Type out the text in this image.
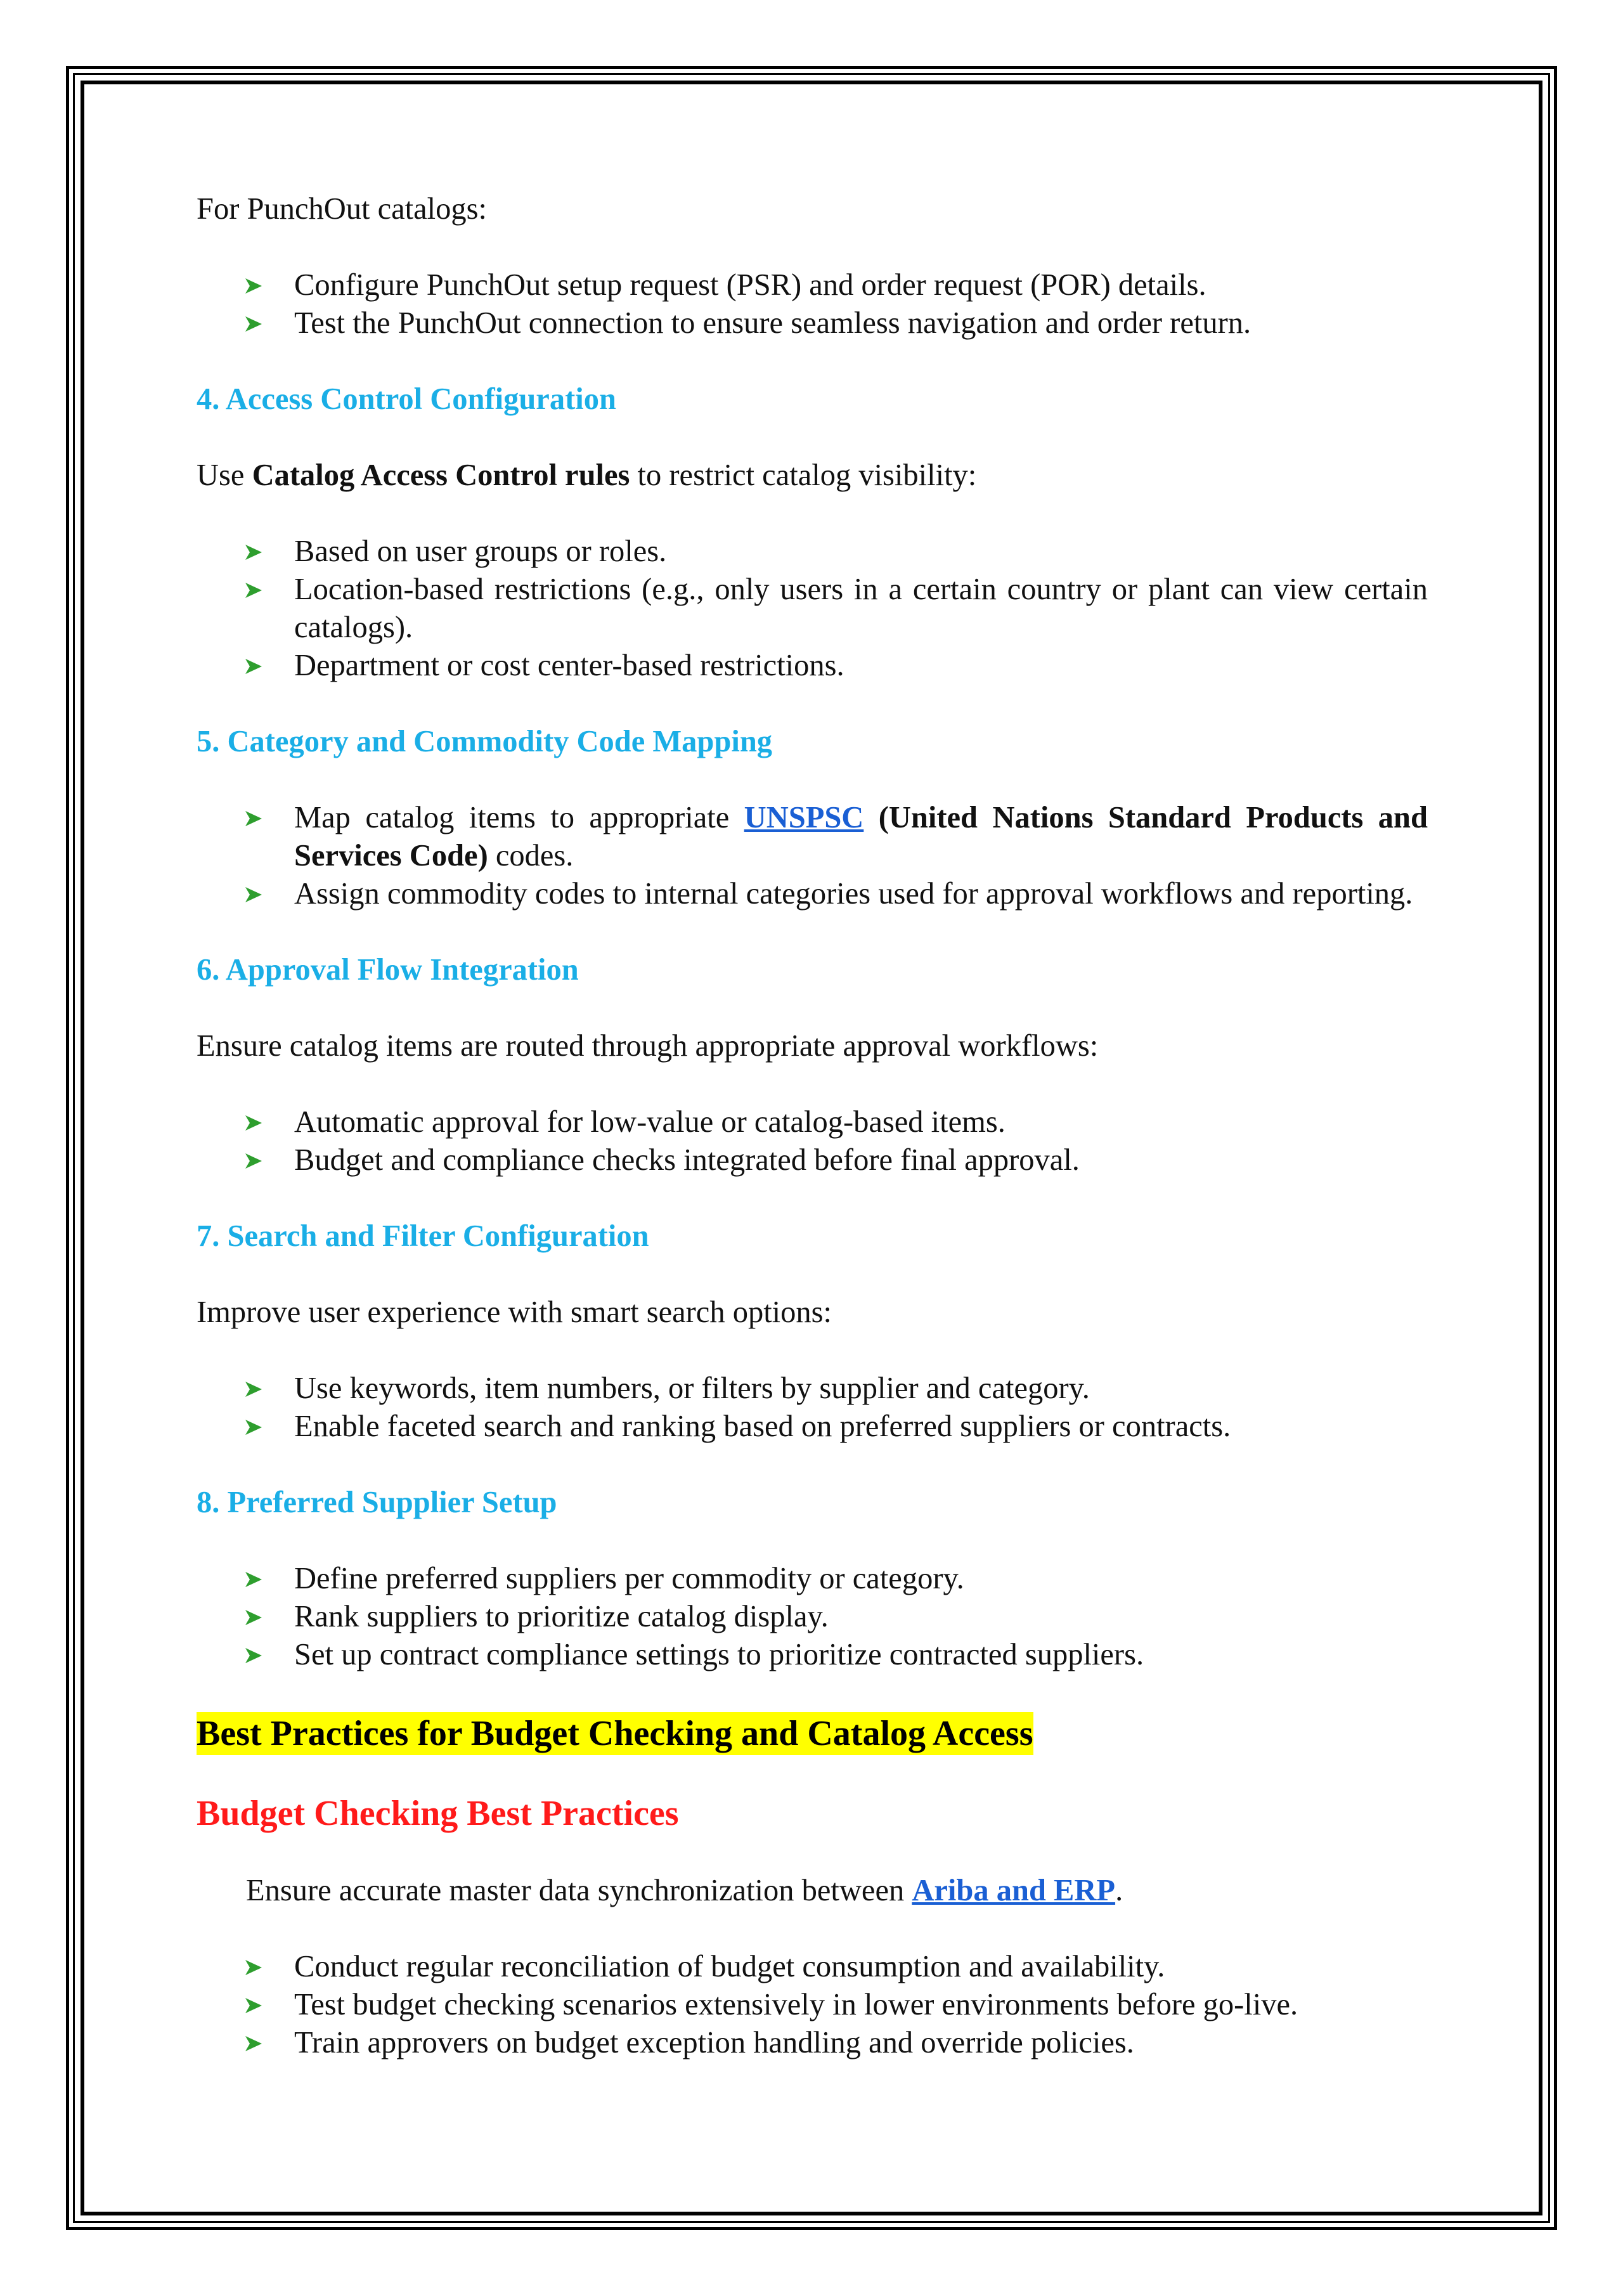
For PunchOut catalogs:

Configure PunchOut setup request (PSR) and order request (POR) details.
Test the PunchOut connection to ensure seamless navigation and order return.
4. Access Control Configuration

Use Catalog Access Control rules to restrict catalog visibility:

Based on user groups or roles.
Location-based restrictions (e.g., only users in a certain country or plant can view certain catalogs).
Department or cost center-based restrictions.
5. Category and Commodity Code Mapping
Map catalog items to appropriate UNSPSC (United Nations Standard Products and Services Code) codes.
Assign commodity codes to internal categories used for approval workflows and reporting.
6. Approval Flow Integration

Ensure catalog items are routed through appropriate approval workflows:

Automatic approval for low-value or catalog-based items.
Budget and compliance checks integrated before final approval.
7. Search and Filter Configuration

Improve user experience with smart search options:

Use keywords, item numbers, or filters by supplier and category.
Enable faceted search and ranking based on preferred suppliers or contracts.
8. Preferred Supplier Setup
Define preferred suppliers per commodity or category.
Rank suppliers to prioritize catalog display.
Set up contract compliance settings to prioritize contracted suppliers.
Best Practices for Budget Checking and Catalog Access
Budget Checking Best Practices

Ensure accurate master data synchronization between Ariba and ERP.

Conduct regular reconciliation of budget consumption and availability.
Test budget checking scenarios extensively in lower environments before go-live.
Train approvers on budget exception handling and override policies.
